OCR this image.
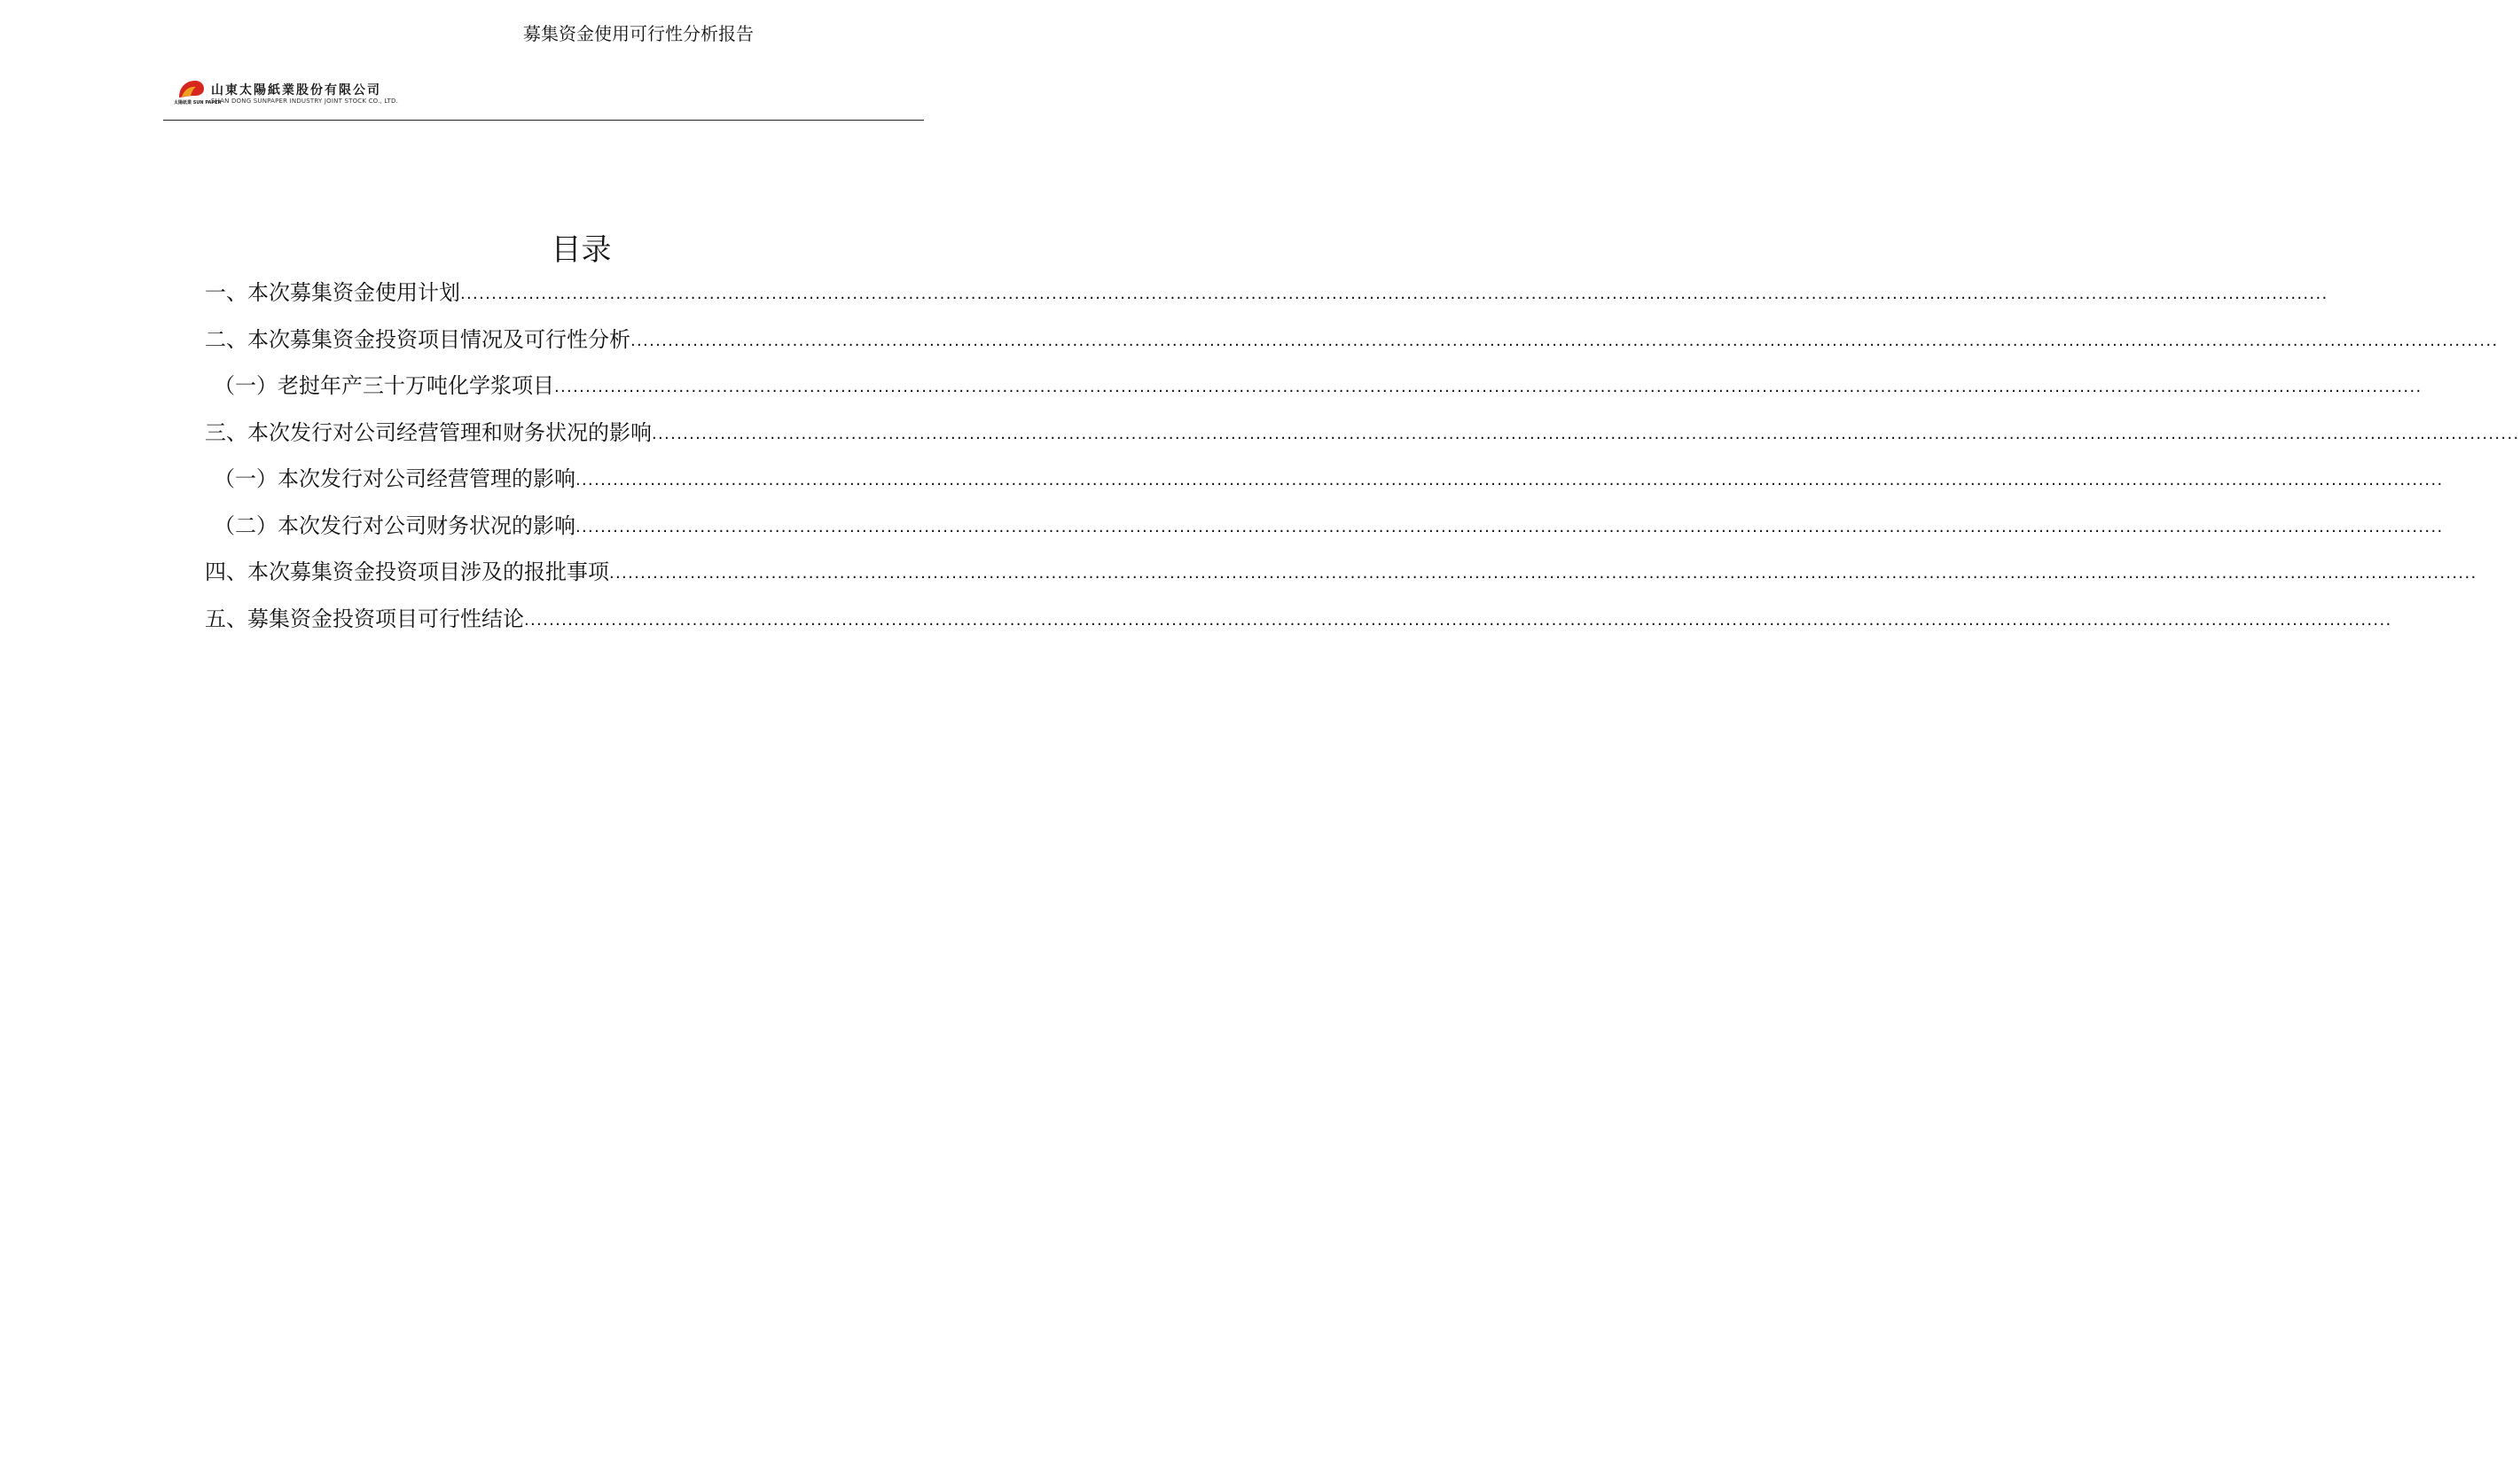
募集资金使用可行性分析报告
太陽紙業 SUN PAPER
山東太陽紙業股份有限公司
SHAN DONG SUNPAPER INDUSTRY JOINT STOCK CO., LTD.
目录
一、本次募集资金使用计划 ............................................................................................................................................................................................................................................................................................................
二、本次募集资金投资项目情况及可行性分析 ............................................................................................................................................................................................................................................................................................................
（一）老挝年产三十万吨化学浆项目 ............................................................................................................................................................................................................................................................................................................
三、本次发行对公司经营管理和财务状况的影响 ............................................................................................................................................................................................................................................................................................................
（一）本次发行对公司经营管理的影响 ............................................................................................................................................................................................................................................................................................................
（二）本次发行对公司财务状况的影响 ............................................................................................................................................................................................................................................................................................................
四、本次募集资金投资项目涉及的报批事项 ............................................................................................................................................................................................................................................................................................................
五、募集资金投资项目可行性结论 ............................................................................................................................................................................................................................................................................................................
